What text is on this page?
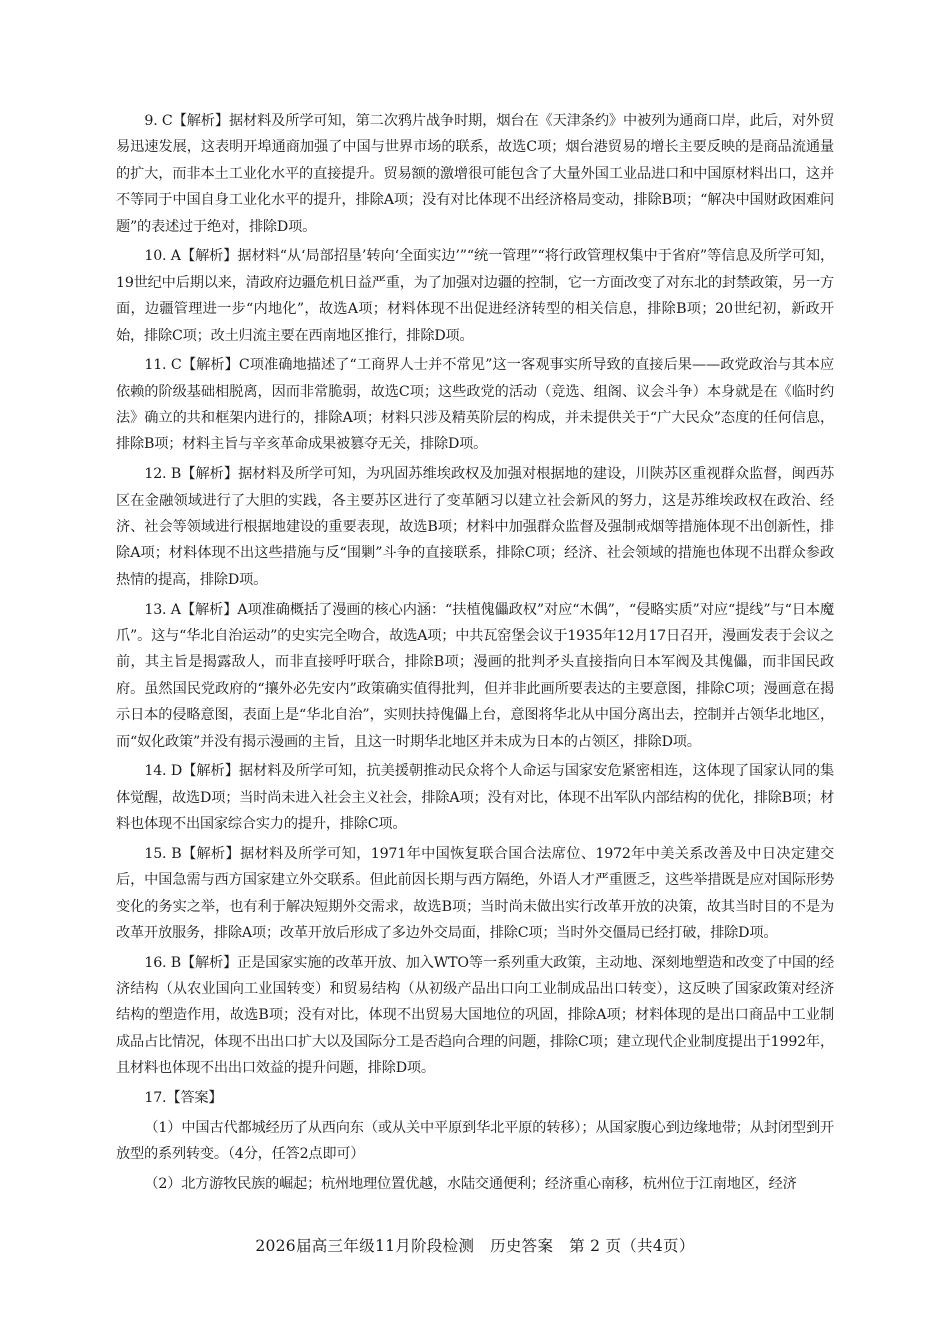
9. C【解析】据材料及所学可知，第二次鸦片战争时期，烟台在《天津条约》中被列为通商口岸，此后，对外贸易迅速发展，这表明开埠通商加强了中国与世界市场的联系，故选C项；烟台港贸易的增长主要反映的是商品流通量的扩大，而非本土工业化水平的直接提升。贸易额的激增很可能包含了大量外国工业品进口和中国原材料出口，这并不等同于中国自身工业化水平的提升，排除A项；没有对比体现不出经济格局变动，排除B项；“解决中国财政困难问题”的表述过于绝对，排除D项。

10. A【解析】据材料“从‘局部招垦’转向‘全面实边’”“统一管理”“将行政管理权集中于省府”等信息及所学可知，19世纪中后期以来，清政府边疆危机日益严重，为了加强对边疆的控制，它一方面改变了对东北的封禁政策，另一方面，边疆管理进一步“内地化”，故选A项；材料体现不出促进经济转型的相关信息，排除B项；20世纪初，新政开始，排除C项；改土归流主要在西南地区推行，排除D项。

11. C【解析】C项准确地描述了“工商界人士并不常见”这一客观事实所导致的直接后果——政党政治与其本应依赖的阶级基础相脱离，因而非常脆弱，故选C项；这些政党的活动（竞选、组阁、议会斗争）本身就是在《临时约法》确立的共和框架内进行的，排除A项；材料只涉及精英阶层的构成，并未提供关于“广大民众”态度的任何信息，排除B项；材料主旨与辛亥革命成果被篡夺无关，排除D项。

12. B【解析】据材料及所学可知，为巩固苏维埃政权及加强对根据地的建设，川陕苏区重视群众监督，闽西苏区在金融领域进行了大胆的实践，各主要苏区进行了变革陋习以建立社会新风的努力，这是苏维埃政权在政治、经济、社会等领域进行根据地建设的重要表现，故选B项；材料中加强群众监督及强制戒烟等措施体现不出创新性，排除A项；材料体现不出这些措施与反“围剿”斗争的直接联系，排除C项；经济、社会领域的措施也体现不出群众参政热情的提高，排除D项。

13. A【解析】A项准确概括了漫画的核心内涵：“扶植傀儡政权”对应“木偶”，“侵略实质”对应“提线”与“日本魔爪”。这与“华北自治运动”的史实完全吻合，故选A项；中共瓦窑堡会议于1935年12月17日召开，漫画发表于会议之前，其主旨是揭露敌人，而非直接呼吁联合，排除B项；漫画的批判矛头直接指向日本军阀及其傀儡，而非国民政府。虽然国民党政府的“攘外必先安内”政策确实值得批判，但并非此画所要表达的主要意图，排除C项；漫画意在揭示日本的侵略意图，表面上是“华北自治”，实则扶持傀儡上台，意图将华北从中国分离出去，控制并占领华北地区，而“奴化政策”并没有揭示漫画的主旨，且这一时期华北地区并未成为日本的占领区，排除D项。

14. D【解析】据材料及所学可知，抗美援朝推动民众将个人命运与国家安危紧密相连，这体现了国家认同的集体觉醒，故选D项；当时尚未进入社会主义社会，排除A项；没有对比，体现不出军队内部结构的优化，排除B项；材料也体现不出国家综合实力的提升，排除C项。

15. B【解析】据材料及所学可知，1971年中国恢复联合国合法席位、1972年中美关系改善及中日决定建交后，中国急需与西方国家建立外交联系。但此前因长期与西方隔绝，外语人才严重匮乏，这些举措既是应对国际形势变化的务实之举，也有利于解决短期外交需求，故选B项；当时尚未做出实行改革开放的决策，故其当时目的不是为改革开放服务，排除A项；改革开放后形成了多边外交局面，排除C项；当时外交僵局已经打破，排除D项。

16. B【解析】正是国家实施的改革开放、加入WTO等一系列重大政策，主动地、深刻地塑造和改变了中国的经济结构（从农业国向工业国转变）和贸易结构（从初级产品出口向工业制成品出口转变），这反映了国家政策对经济结构的塑造作用，故选B项；没有对比，体现不出贸易大国地位的巩固，排除A项；材料体现的是出口商品中工业制成品占比情况，体现不出出口扩大以及国际分工是否趋向合理的问题，排除C项；建立现代企业制度提出于1992年，且材料也体现不出出口效益的提升问题，排除D项。

17.【答案】

（1）中国古代都城经历了从西向东（或从关中平原到华北平原的转移）；从国家腹心到边缘地带；从封闭型到开放型的系列转变。（4分，任答2点即可）

（2）北方游牧民族的崛起；杭州地理位置优越，水陆交通便利；经济重心南移，杭州位于江南地区，经济

2026届高三年级11月阶段检测　历史答案　第 2 页（共4页）
